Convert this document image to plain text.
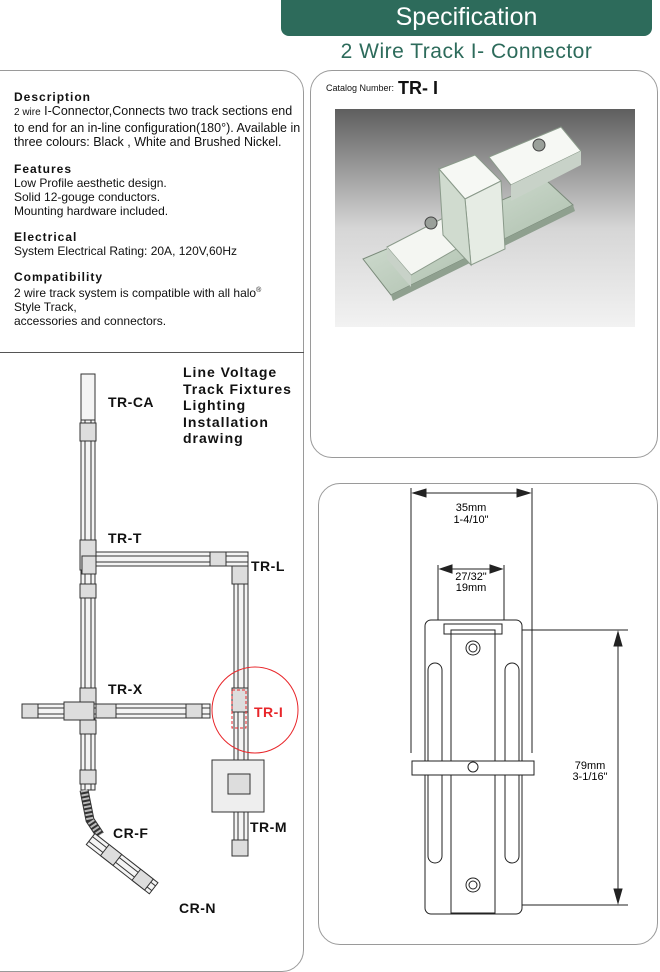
Specification
2 Wire Track I- Connector
Description

2 wire I-Connector,Connects two track sections end to end for an in-line configuration(180°). Available in three colours: Black , White and Brushed Nickel.

Features

Low Profile aesthetic design.
Solid 12-gouge conductors.
Mounting hardware included.

Electrical

System Electrical Rating: 20A, 120V,60Hz

Compatibility

2 wire track system is compatible with all halo®
Style Track,
accessories and connectors.

Line Voltage
Track Fixtures
Lighting
Installation
drawing
TR-CA
TR-T
TR-L
TR-X
TR-I
TR-M
CR-F
CR-N
Catalog Number: TR- I
35mm
1-4/10"
27/32"
19mm
79mm
3-1/16"
